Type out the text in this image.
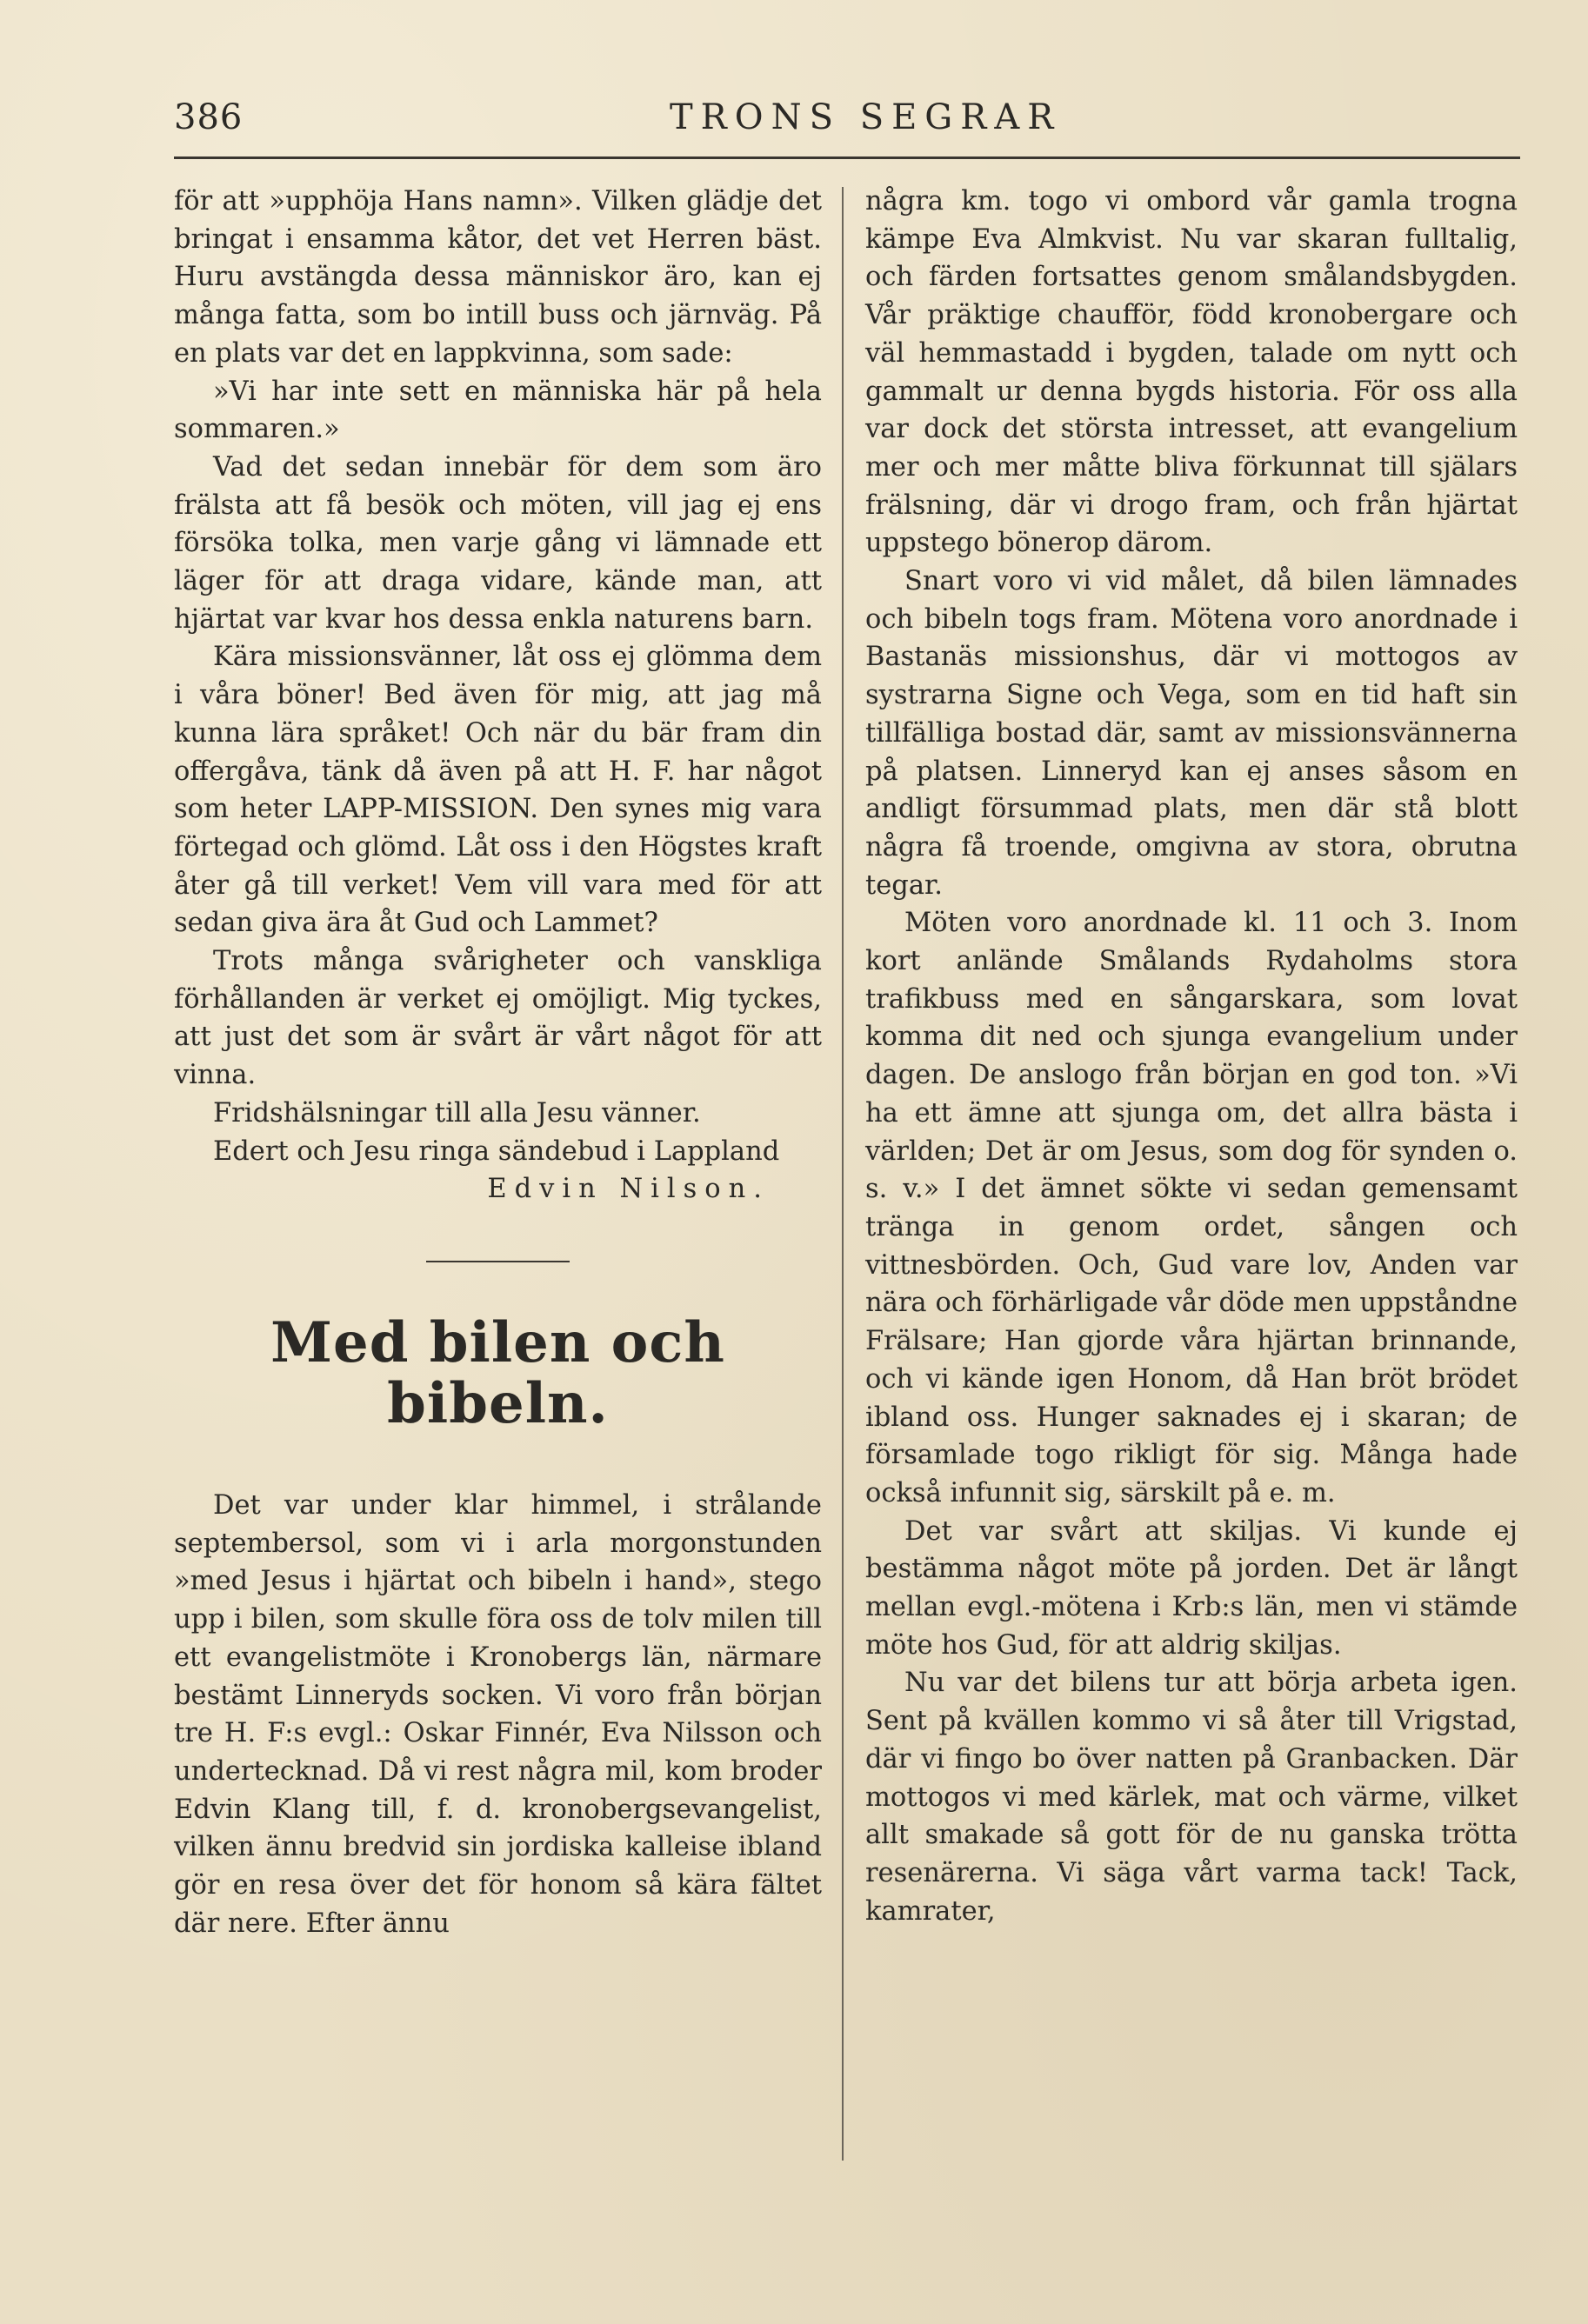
386	TRONS SEGRAR

för att »upphöja Hans namn». Vilken glädje det bringat i ensamma kåtor, det vet Herren bäst. Huru avstängda dessa människor äro, kan ej många fatta, som bo intill buss och järnväg. På en plats var det en lappkvinna, som sade:

»Vi har inte sett en människa här på hela sommaren.»

Vad det sedan innebär för dem som äro frälsta att få besök och möten, vill jag ej ens försöka tolka, men varje gång vi lämnade ett läger för att draga vidare, kände man, att hjärtat var kvar hos dessa enkla naturens barn.

Kära missionsvänner, låt oss ej glömma dem i våra böner! Bed även för mig, att jag må kunna lära språket! Och när du bär fram din offergåva, tänk då även på att H. F. har något som heter LAPP-MISSION. Den synes mig vara förtegad och glömd. Låt oss i den Högstes kraft åter gå till verket! Vem vill vara med för att sedan giva ära åt Gud och Lammet?

Trots många svårigheter och vanskliga förhållanden är verket ej omöjligt. Mig tyckes, att just det som är svårt är vårt något för att vinna.

Fridshälsningar till alla Jesu vänner.

Edert och Jesu ringa sändebud i Lappland

Edvin Nilson.

Med bilen och bibeln.

Det var under klar himmel, i strålande septembersol, som vi i arla morgonstunden »med Jesus i hjärtat och bibeln i hand», stego upp i bilen, som skulle föra oss de tolv milen till ett evangelistmöte i Kronobergs län, närmare bestämt Linneryds socken. Vi voro från början tre H. F:s evgl.: Oskar Finnér, Eva Nilsson och undertecknad. Då vi rest några mil, kom broder Edvin Klang till, f. d. kronobergsevangelist, vilken ännu bredvid sin jordiska kalleise ibland gör en resa över det för honom så kära fältet där nere. Efter ännu

några km. togo vi ombord vår gamla trogna kämpe Eva Almkvist. Nu var skaran fulltalig, och färden fortsattes genom smålandsbygden. Vår präktige chaufför, född kronobergare och väl hemmastadd i bygden, talade om nytt och gammalt ur denna bygds historia. För oss alla var dock det största intresset, att evangelium mer och mer måtte bliva förkunnat till själars frälsning, där vi drogo fram, och från hjärtat uppstego bönerop därom.

Snart voro vi vid målet, då bilen lämnades och bibeln togs fram. Mötena voro anordnade i Bastanäs missionshus, där vi mottogos av systrarna Signe och Vega, som en tid haft sin tillfälliga bostad där, samt av missionsvännerna på platsen. Linneryd kan ej anses såsom en andligt försummad plats, men där stå blott några få troende, omgivna av stora, obrutna tegar.

Möten voro anordnade kl. 11 och 3. Inom kort anlände Smålands Rydaholms stora trafikbuss med en sångarskara, som lovat komma dit ned och sjunga evangelium under dagen. De anslogo från början en god ton. »Vi ha ett ämne att sjunga om, det allra bästa i världen; Det är om Jesus, som dog för synden o. s. v.» I det ämnet sökte vi sedan gemensamt tränga in genom ordet, sången och vittnesbörden. Och, Gud vare lov, Anden var nära och förhärligade vår döde men uppståndne Frälsare; Han gjorde våra hjärtan brinnande, och vi kände igen Honom, då Han bröt brödet ibland oss. Hunger saknades ej i skaran; de församlade togo rikligt för sig. Många hade också infunnit sig, särskilt på e. m.

Det var svårt att skiljas. Vi kunde ej bestämma något möte på jorden. Det är långt mellan evgl.-mötena i Krb:s län, men vi stämde möte hos Gud, för att aldrig skiljas.

Nu var det bilens tur att börja arbeta igen. Sent på kvällen kommo vi så åter till Vrigstad, där vi fingo bo över natten på Granbacken. Där mottogos vi med kärlek, mat och värme, vilket allt smakade så gott för de nu ganska trötta resenärerna. Vi säga vårt varma tack! Tack, kamrater,
